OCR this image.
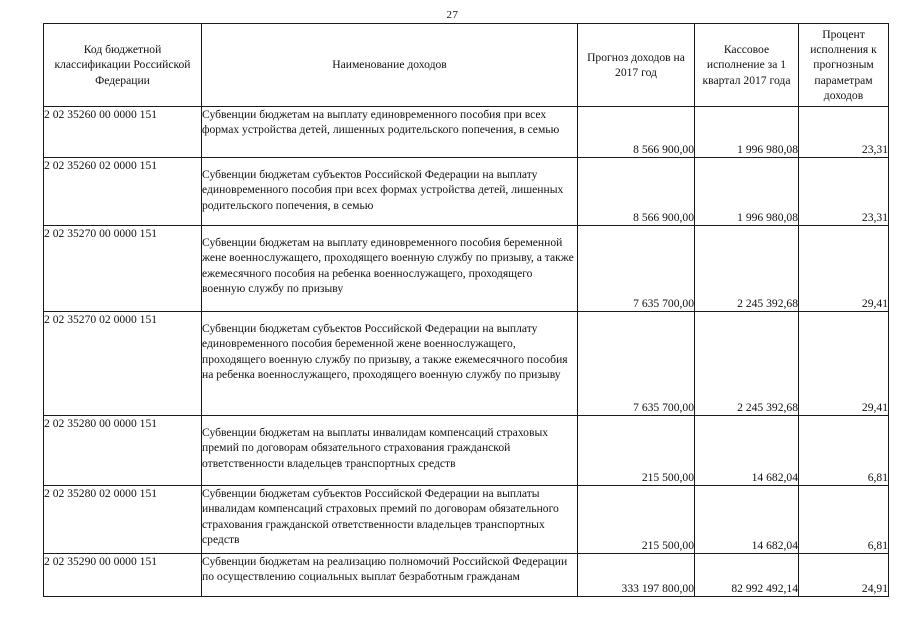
27
Код бюджетной классификации Российской Федерации	Наименование доходов	Прогноз доходов на 2017 год	Кассовое исполнение за 1 квартал 2017 года	Процент исполнения к прогнозным параметрам доходов
2 02 35260 00 0000 151	Субвенции бюджетам на выплату единовременного пособия при всех формах устройства детей, лишенных родительского попечения, в семью	8 566 900,00	1 996 980,08	23,31
2 02 35260 02 0000 151	Субвенции бюджетам субъектов Российской Федерации на выплату единовременного пособия при всех формах устройства детей, лишенных родительского попечения, в семью	8 566 900,00	1 996 980,08	23,31
2 02 35270 00 0000 151	Субвенции бюджетам на выплату единовременного пособия беременной жене военнослужащего, проходящего военную службу по призыву, а также ежемесячного пособия на ребенка военнослужащего, проходящего военную службу по призыву	7 635 700,00	2 245 392,68	29,41
2 02 35270 02 0000 151	Субвенции бюджетам субъектов Российской Федерации на выплату единовременного пособия беременной жене военнослужащего, проходящего военную службу по призыву, а также ежемесячного пособия на ребенка военнослужащего, проходящего военную службу по призыву	7 635 700,00	2 245 392,68	29,41
2 02 35280 00 0000 151	Субвенции бюджетам на выплаты инвалидам компенсаций страховых премий по договорам обязательного страхования гражданской ответственности владельцев транспортных средств	215 500,00	14 682,04	6,81
2 02 35280 02 0000 151	Субвенции бюджетам субъектов Российской Федерации на выплаты инвалидам компенсаций страховых премий по договорам обязательного страхования гражданской ответственности владельцев транспортных средств	215 500,00	14 682,04	6,81
2 02 35290 00 0000 151	Субвенции бюджетам на реализацию полномочий Российской Федерации по осуществлению социальных выплат безработным гражданам	333 197 800,00	82 992 492,14	24,91
